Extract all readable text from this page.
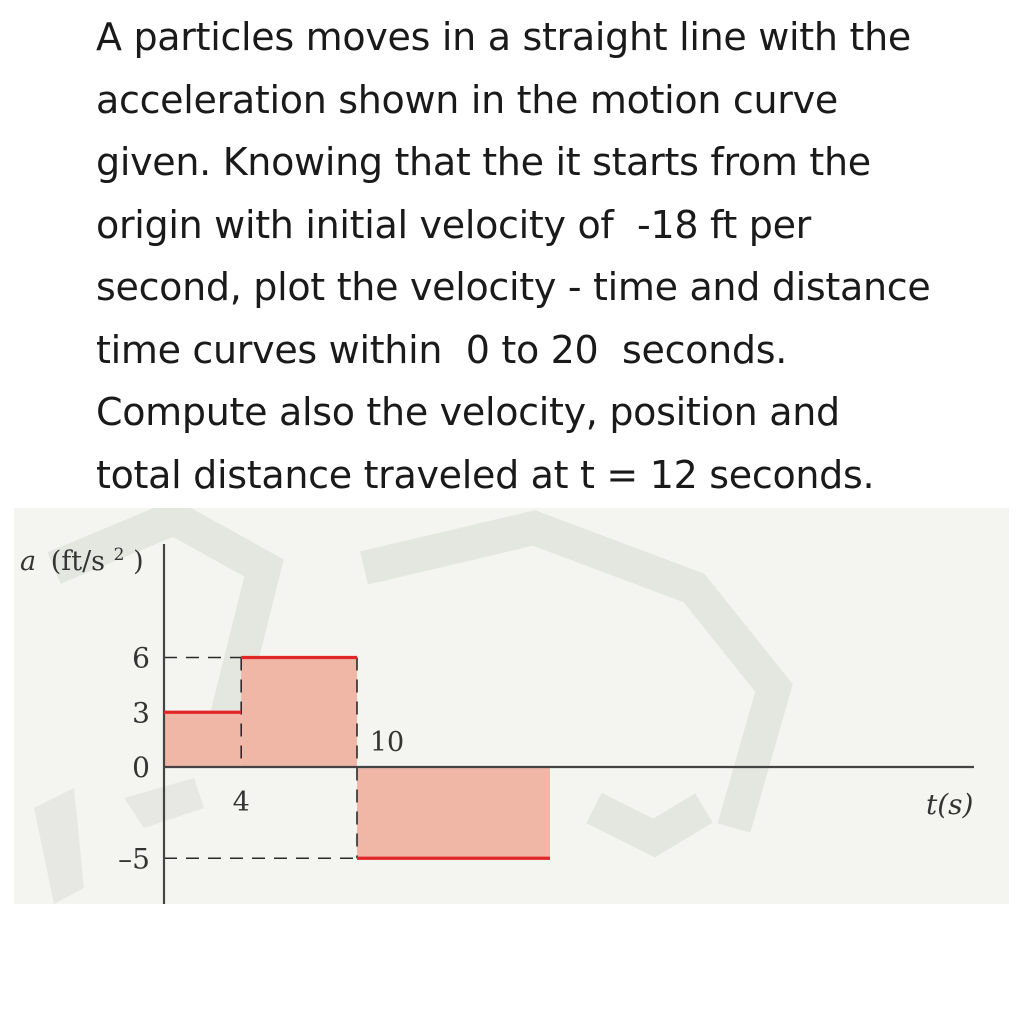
A particles moves in a straight line with the
acceleration shown in the motion curve
given. Knowing that the it starts from the
origin with initial velocity of  -18 ft per
second, plot the velocity - time and distance
time curves within  0 to 20  seconds.
Compute also the velocity, position and
total distance traveled at t = 12 seconds.
6
3
0
–5
4
10
a (ft/s $^2$ )
t(s)
